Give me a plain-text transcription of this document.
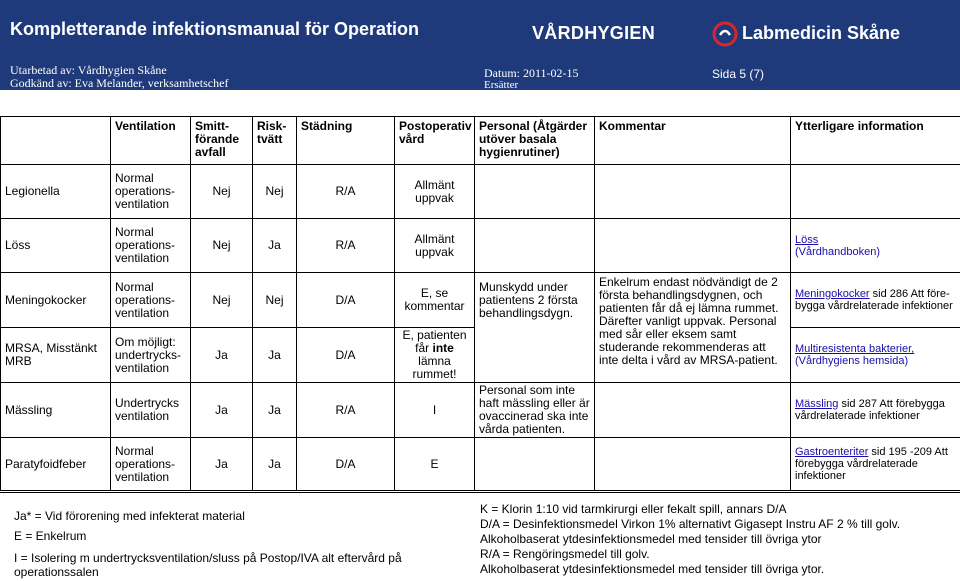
Kompletterande infektionsmanual för Operation	VÅRDHYGIEN	Labmedicin Skåne
Utarbetad av: Vårdhygien Skåne
Godkänd av: Eva Melander, verksamhetschef
Datum: 2011-02-15
Ersätter
Sida 5 (7)
	Ventilation	Smitt-förande avfall	Risk-tvätt	Städning	Postoperativ vård	Personal (Åtgärder utöver basala hygienrutiner)	Kommentar	Ytterligare information
Legionella	Normal operations-ventilation	Nej	Nej	R/A	Allmänt uppvak			
Löss	Normal operations-ventilation	Nej	Ja	R/A	Allmänt uppvak			Löss
(Vårdhandboken)
Meningokocker	Normal operations-ventilation	Nej	Nej	D/A	E, se kommentar	Munskydd under patientens 2 första behandlingsdygn.	Enkelrum endast nödvändigt de 2 första behandlingsdygnen, och patienten får då ej lämna rummet. Därefter vanligt uppvak. Personal med sår eller eksem samt studerande rekommenderas att inte delta i vård av MRSA-patient.	Meningokocker sid 286 Att före-bygga vårdrelaterade infektioner
MRSA, Misstänkt MRB	Om möjligt: undertrycks-ventilation	Ja	Ja	D/A	E, patienten får inte lämna rummet!			Multiresistenta bakterier, (Vårdhygiens hemsida)
Mässling	Undertrycks ventilation	Ja	Ja	R/A	I	Personal som inte haft mässling eller är ovaccinerad ska inte vårda patienten.		Mässling sid 287 Att förebygga vårdrelaterade infektioner
Paratyfoidfeber	Normal operations-ventilation	Ja	Ja	D/A	E			Gastroenteriter sid 195 -209 Att förebygga vårdrelaterade infektioner
Ja* = Vid förorening med infekterat material
E = Enkelrum
I = Isolering m undertrycksventilation/sluss på Postop/IVA alt eftervård på operationssalen
K = Klorin 1:10 vid tarmkirurgi eller fekalt spill, annars D/A
D/A = Desinfektionsmedel Virkon 1% alternativt Gigasept Instru AF 2 % till golv.
Alkoholbaserat ytdesinfektionsmedel med tensider till övriga ytor
R/A = Rengöringsmedel till golv.
Alkoholbaserat ytdesinfektionsmedel med tensider till övriga ytor.
